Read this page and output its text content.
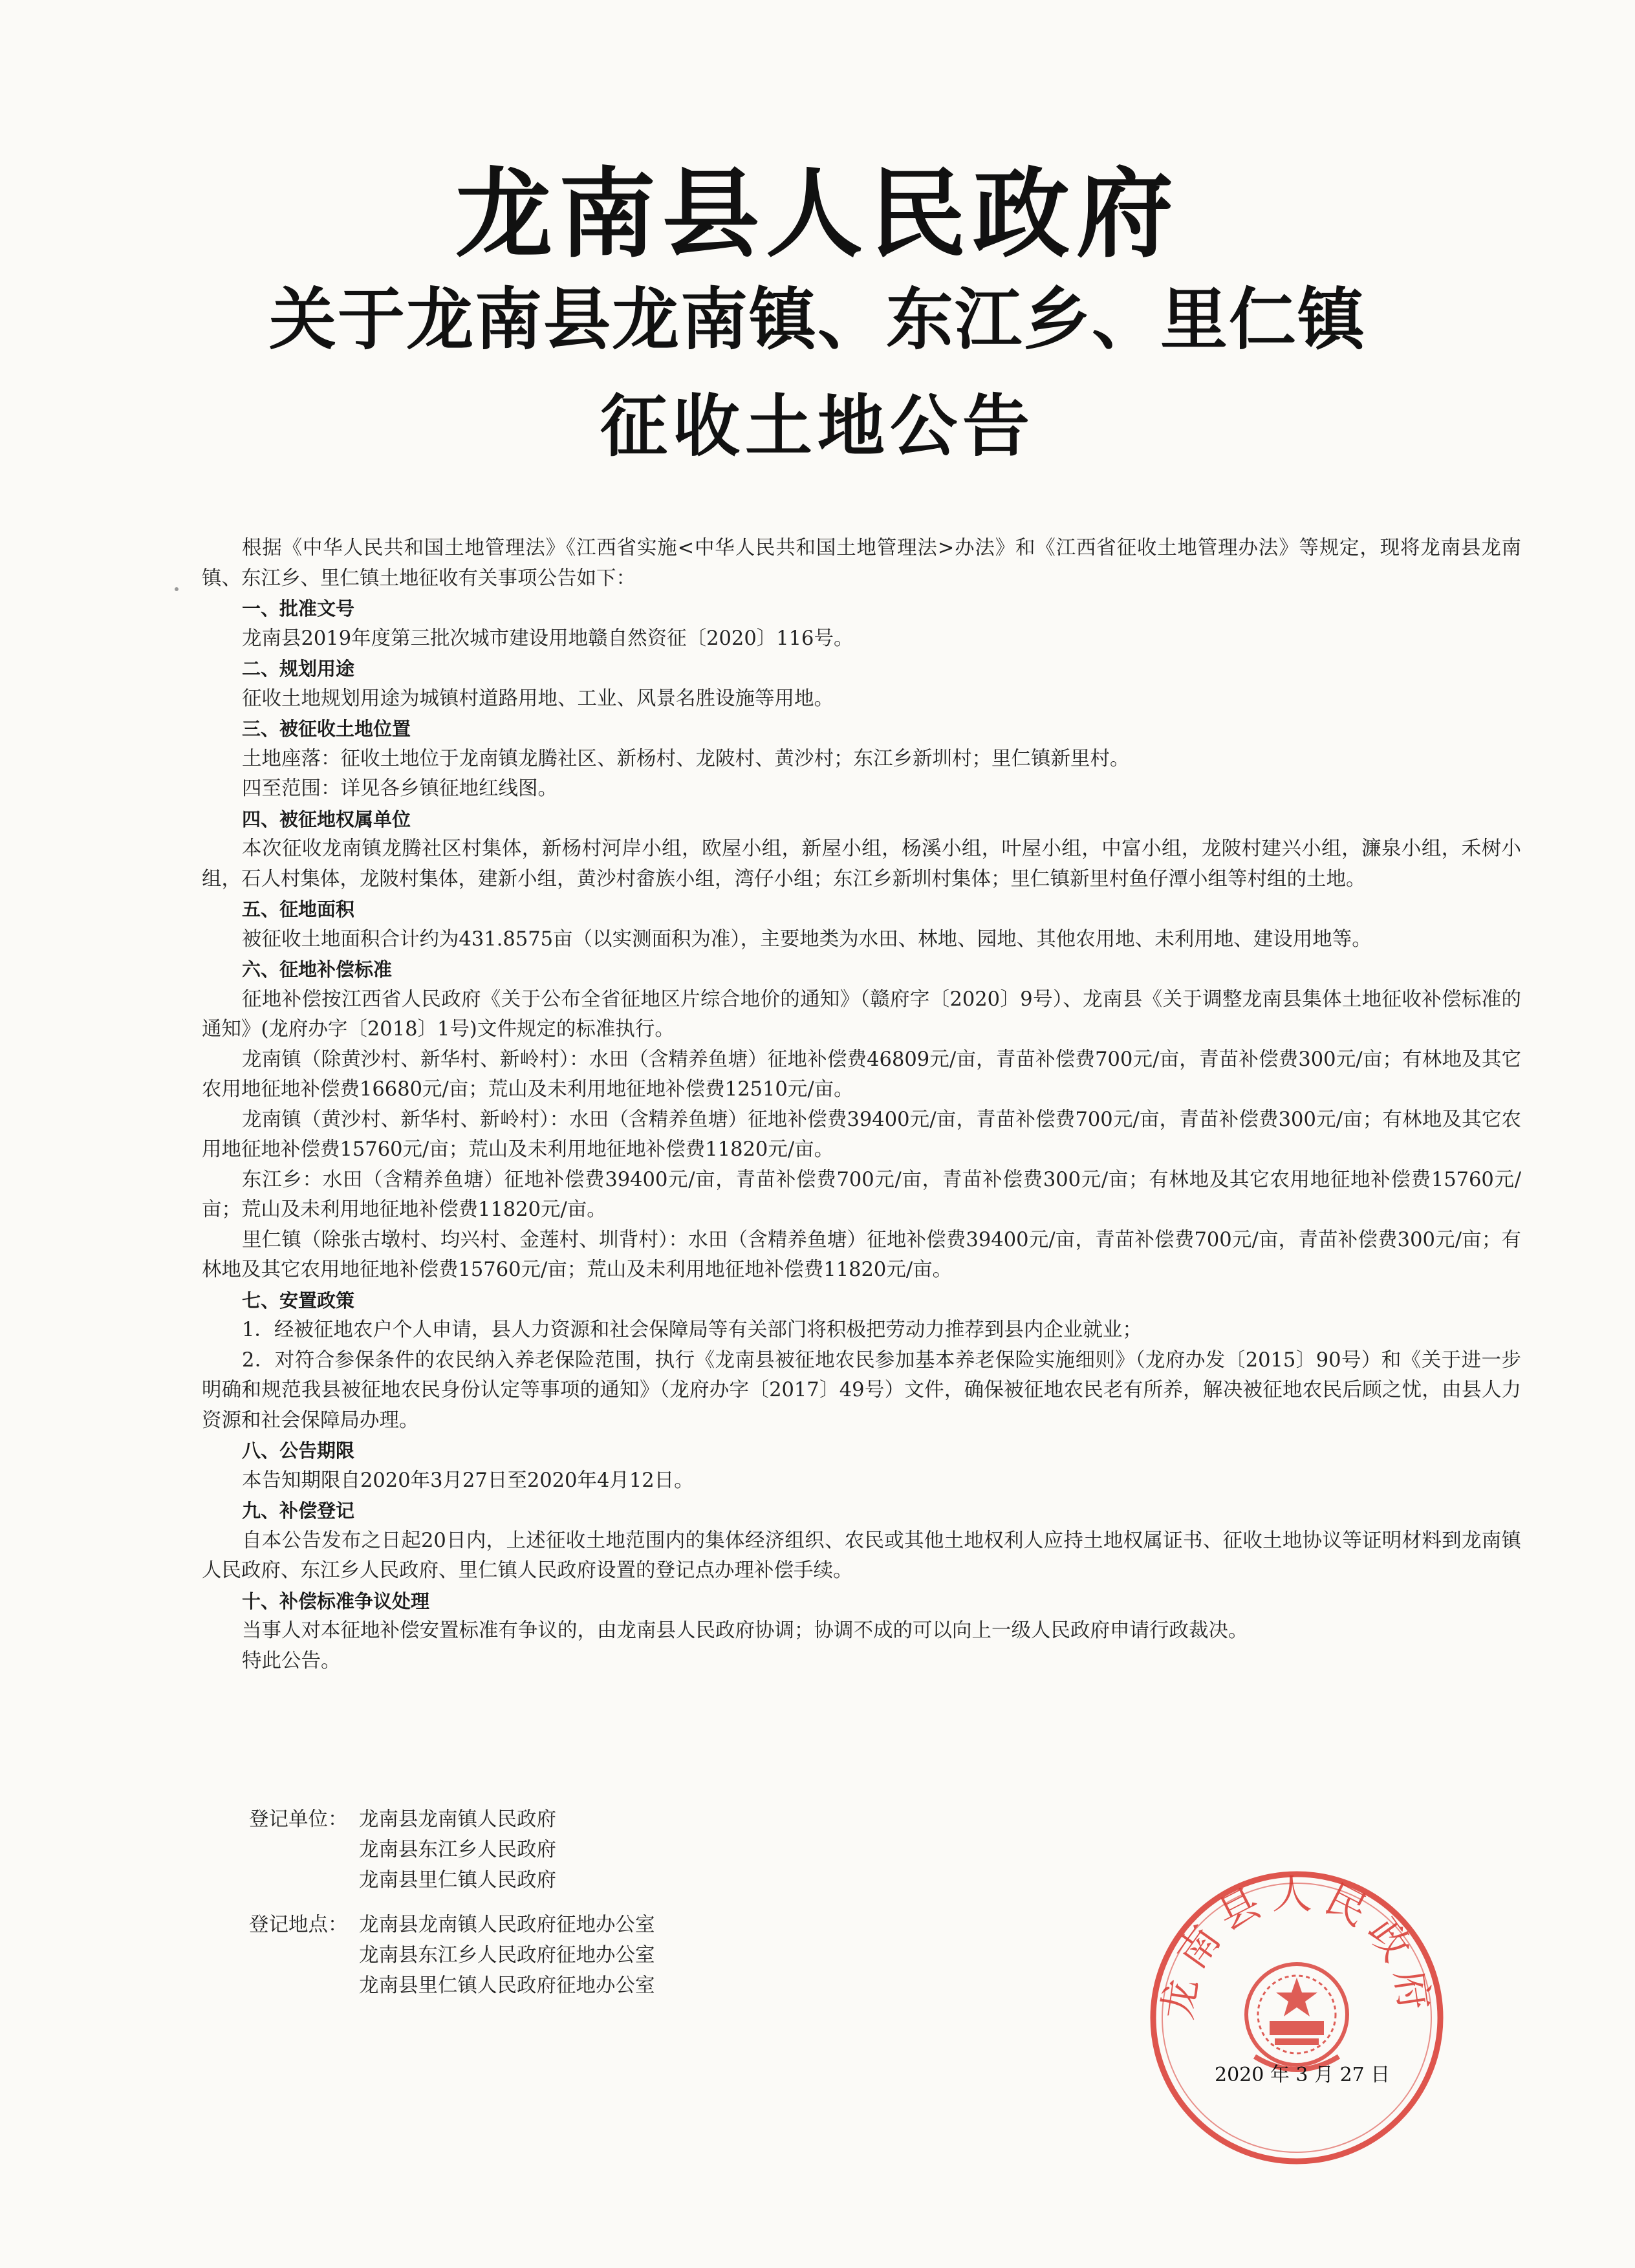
龙南县人民政府
关于龙南县龙南镇、东江乡、里仁镇
征收土地公告

根据《中华人民共和国土地管理法》《江西省实施<中华人民共和国土地管理法>办法》和《江西省征收土地管理办法》等规定，现将龙南县龙南镇、东江乡、里仁镇土地征收有关事项公告如下：

一、批准文号

龙南县2019年度第三批次城市建设用地赣自然资征〔2020〕116号。

二、规划用途

征收土地规划用途为城镇村道路用地、工业、风景名胜设施等用地。

三、被征收土地位置

土地座落：征收土地位于龙南镇龙腾社区、新杨村、龙陂村、黄沙村；东江乡新圳村；里仁镇新里村。

四至范围：详见各乡镇征地红线图。

四、被征地权属单位

本次征收龙南镇龙腾社区村集体，新杨村河岸小组，欧屋小组，新屋小组，杨溪小组，叶屋小组，中富小组，龙陂村建兴小组，濂泉小组，禾树小组，石人村集体，龙陂村集体，建新小组，黄沙村畲族小组，湾仔小组；东江乡新圳村集体；里仁镇新里村鱼仔潭小组等村组的土地。

五、征地面积

被征收土地面积合计约为431.8575亩（以实测面积为准），主要地类为水田、林地、园地、其他农用地、未利用地、建设用地等。

六、征地补偿标准

征地补偿按江西省人民政府《关于公布全省征地区片综合地价的通知》（赣府字〔2020〕9号）、龙南县《关于调整龙南县集体土地征收补偿标准的通知》(龙府办字〔2018〕1号)文件规定的标准执行。

龙南镇（除黄沙村、新华村、新岭村）：水田（含精养鱼塘）征地补偿费46809元/亩，青苗补偿费700元/亩，青苗补偿费300元/亩；有林地及其它农用地征地补偿费16680元/亩；荒山及未利用地征地补偿费12510元/亩。

龙南镇（黄沙村、新华村、新岭村）：水田（含精养鱼塘）征地补偿费39400元/亩，青苗补偿费700元/亩，青苗补偿费300元/亩；有林地及其它农用地征地补偿费15760元/亩；荒山及未利用地征地补偿费11820元/亩。

东江乡：水田（含精养鱼塘）征地补偿费39400元/亩，青苗补偿费700元/亩，青苗补偿费300元/亩；有林地及其它农用地征地补偿费15760元/亩；荒山及未利用地征地补偿费11820元/亩。

里仁镇（除张古墩村、均兴村、金莲村、圳背村）：水田（含精养鱼塘）征地补偿费39400元/亩，青苗补偿费700元/亩，青苗补偿费300元/亩；有林地及其它农用地征地补偿费15760元/亩；荒山及未利用地征地补偿费11820元/亩。

七、安置政策

1．经被征地农户个人申请，县人力资源和社会保障局等有关部门将积极把劳动力推荐到县内企业就业；

2．对符合参保条件的农民纳入养老保险范围，执行《龙南县被征地农民参加基本养老保险实施细则》（龙府办发〔2015〕90号）和《关于进一步明确和规范我县被征地农民身份认定等事项的通知》（龙府办字〔2017〕49号）文件，确保被征地农民老有所养，解决被征地农民后顾之忧，由县人力资源和社会保障局办理。

八、公告期限

本告知期限自2020年3月27日至2020年4月12日。

九、补偿登记

自本公告发布之日起20日内，上述征收土地范围内的集体经济组织、农民或其他土地权利人应持土地权属证书、征收土地协议等证明材料到龙南镇人民政府、东江乡人民政府、里仁镇人民政府设置的登记点办理补偿手续。

十、补偿标准争议处理

当事人对本征地补偿安置标准有争议的，由龙南县人民政府协调；协调不成的可以向上一级人民政府申请行政裁决。

特此公告。

登记单位： 龙南县龙南镇人民政府
龙南县东江乡人民政府
龙南县里仁镇人民政府
登记地点： 龙南县龙南镇人民政府征地办公室
龙南县东江乡人民政府征地办公室
龙南县里仁镇人民政府征地办公室	龙南县人民政府
2020 年 3 月 27 日
